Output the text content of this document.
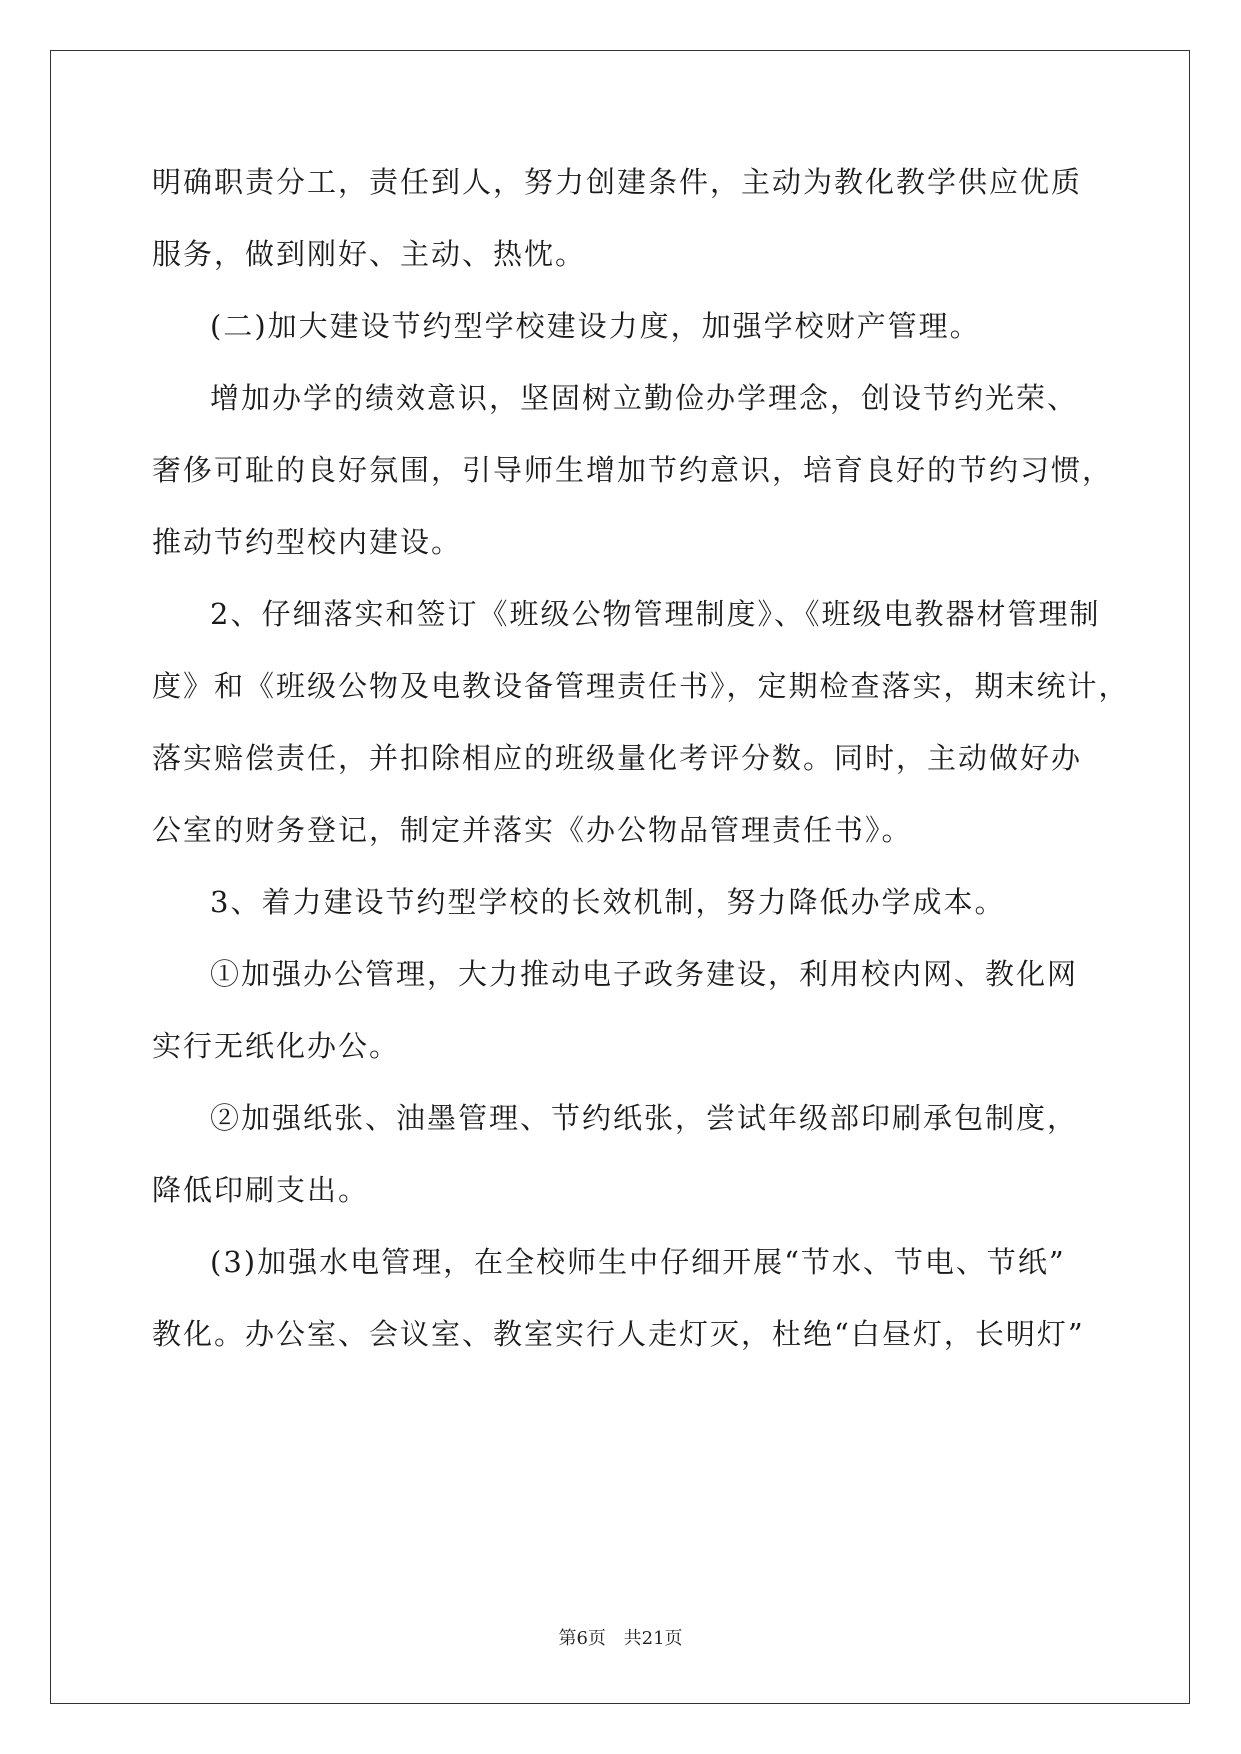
明确职责分工，责任到人，努力创建条件，主动为教化教学供应优质
服务，做到刚好、主动、热忱。
(二)加大建设节约型学校建设力度，加强学校财产管理。
增加办学的绩效意识，坚固树立勤俭办学理念，创设节约光荣、
奢侈可耻的良好氛围，引导师生增加节约意识，培育良好的节约习惯，
推动节约型校内建设。
2、仔细落实和签订《班级公物管理制度》、《班级电教器材管理制
度》和《班级公物及电教设备管理责任书》，定期检查落实，期末统计，
落实赔偿责任，并扣除相应的班级量化考评分数。同时，主动做好办
公室的财务登记，制定并落实《办公物品管理责任书》。
3、着力建设节约型学校的长效机制，努力降低办学成本。
①加强办公管理，大力推动电子政务建设，利用校内网、教化网
实行无纸化办公。
②加强纸张、油墨管理、节约纸张，尝试年级部印刷承包制度，
降低印刷支出。
(3)加强水电管理，在全校师生中仔细开展“节水、节电、节纸”
教化。办公室、会议室、教室实行人走灯灭，杜绝“白昼灯，长明灯”
第6页 共21页
